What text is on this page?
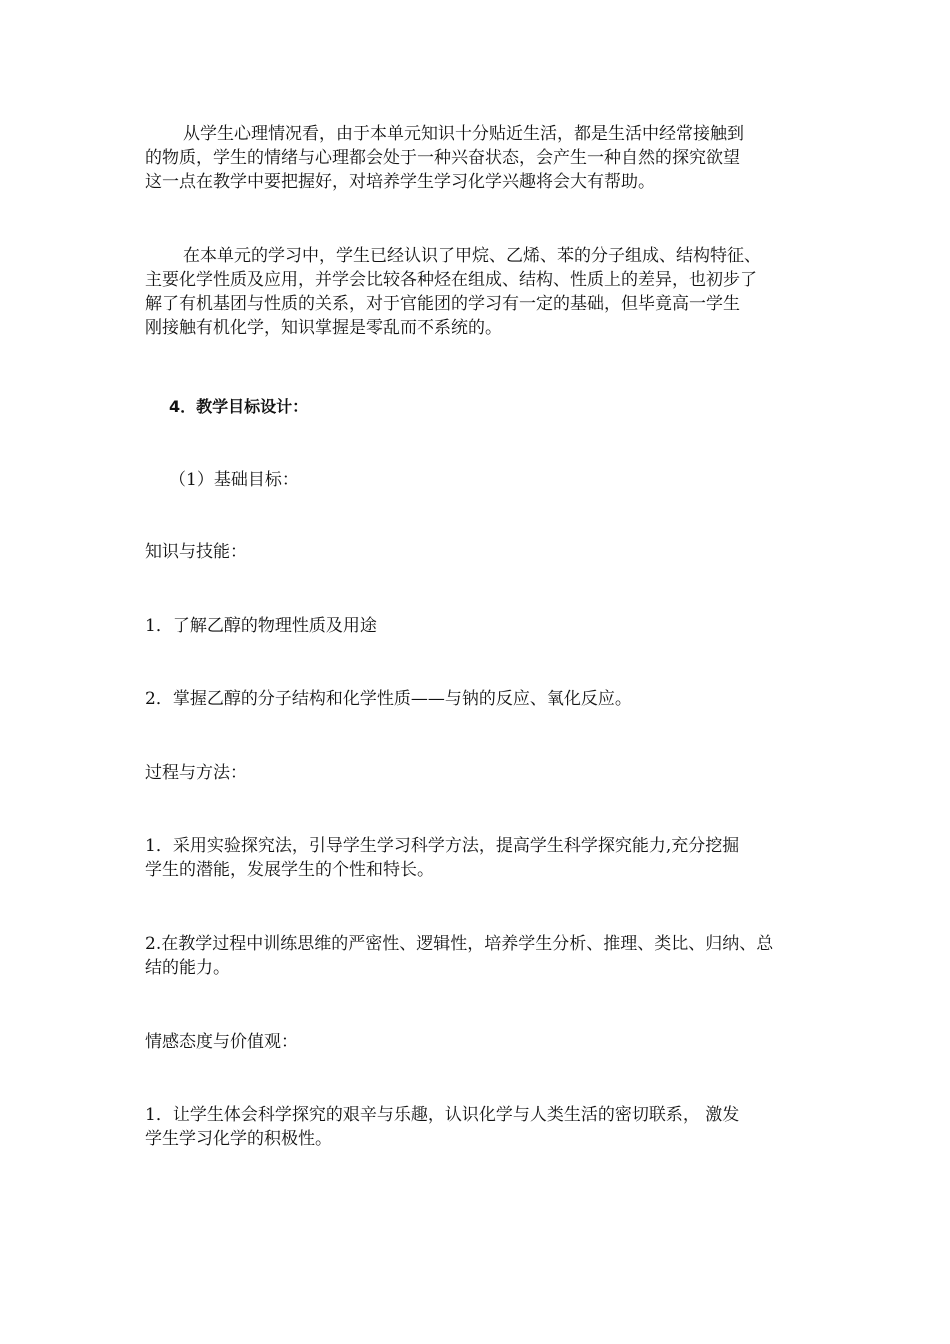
从学生心理情况看，由于本单元知识十分贴近生活，都是生活中经常接触到
的物质，学生的情绪与心理都会处于一种兴奋状态，会产生一种自然的探究欲望
这一点在教学中要把握好，对培养学生学习化学兴趣将会大有帮助。
在本单元的学习中，学生已经认识了甲烷、乙烯、苯的分子组成、结构特征、
主要化学性质及应用，并学会比较各种烃在组成、结构、性质上的差异，也初步了
解了有机基团与性质的关系，对于官能团的学习有一定的基础，但毕竟高一学生
刚接触有机化学，知识掌握是零乱而不系统的。
4．教学目标设计：
（1）基础目标：
知识与技能：
1．了解乙醇的物理性质及用途
2．掌握乙醇的分子结构和化学性质——与钠的反应、氧化反应。
过程与方法：
1．采用实验探究法，引导学生学习科学方法，提高学生科学探究能力,充分挖掘
学生的潜能，发展学生的个性和特长。
2.在教学过程中训练思维的严密性、逻辑性，培养学生分析、推理、类比、归纳、总
结的能力。
情感态度与价值观：
1．让学生体会科学探究的艰辛与乐趣，认识化学与人类生活的密切联系， 激发
学生学习化学的积极性。
